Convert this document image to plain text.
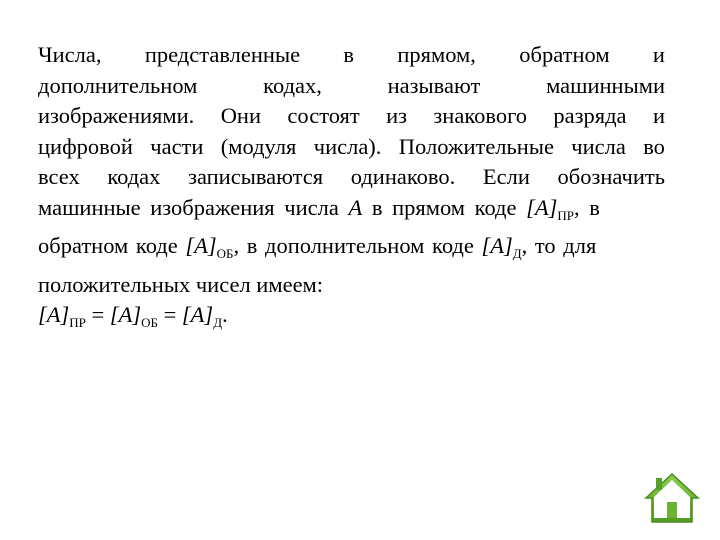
Числа, представленные в прямом, обратном и
дополнительном	кодах,	называют	машинными
изображениями. Они состоят из знакового разряда и
цифровой части (модуля числа). Положительные числа во
всех кодах записываются одинаково. Если обозначить
машинные изображения числа A в прямом коде $[A]_{ПР}$, в
обратном коде $[A]_{ОБ}$, в дополнительном коде $[A]_Д$, то для
положительных чисел имеем:
$[A]_{ПР} = [A]_{ОБ} = [A]_Д$.
